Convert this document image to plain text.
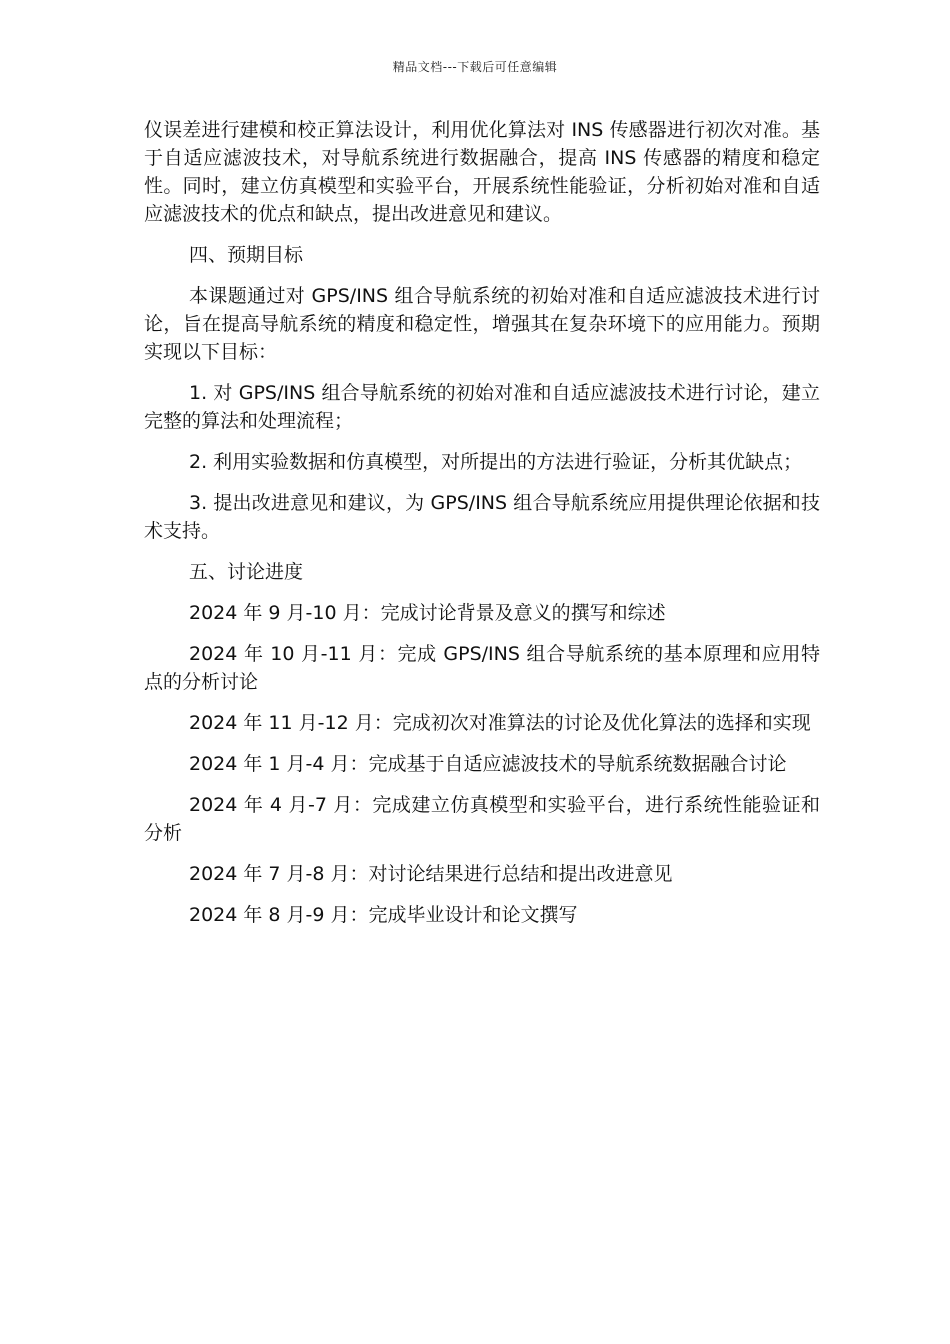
精品文档---下载后可任意编辑

仪误差进行建模和校正算法设计，利用优化算法对 INS 传感器进行初次对准。基于自适应滤波技术，对导航系统进行数据融合，提高 INS 传感器的精度和稳定性。同时，建立仿真模型和实验平台，开展系统性能验证，分析初始对准和自适应滤波技术的优点和缺点，提出改进意见和建议。

四、预期目标

本课题通过对 GPS/INS 组合导航系统的初始对准和自适应滤波技术进行讨论，旨在提高导航系统的精度和稳定性，增强其在复杂环境下的应用能力。预期实现以下目标：

1. 对 GPS/INS 组合导航系统的初始对准和自适应滤波技术进行讨论，建立完整的算法和处理流程；

2. 利用实验数据和仿真模型，对所提出的方法进行验证，分析其优缺点；

3. 提出改进意见和建议，为 GPS/INS 组合导航系统应用提供理论依据和技术支持。

五、讨论进度

2024 年 9 月-10 月：完成讨论背景及意义的撰写和综述

2024 年 10 月-11 月：完成 GPS/INS 组合导航系统的基本原理和应用特点的分析讨论

2024 年 11 月-12 月：完成初次对准算法的讨论及优化算法的选择和实现

2024 年 1 月-4 月：完成基于自适应滤波技术的导航系统数据融合讨论

2024 年 4 月-7 月：完成建立仿真模型和实验平台，进行系统性能验证和分析

2024 年 7 月-8 月：对讨论结果进行总结和提出改进意见

2024 年 8 月-9 月：完成毕业设计和论文撰写
